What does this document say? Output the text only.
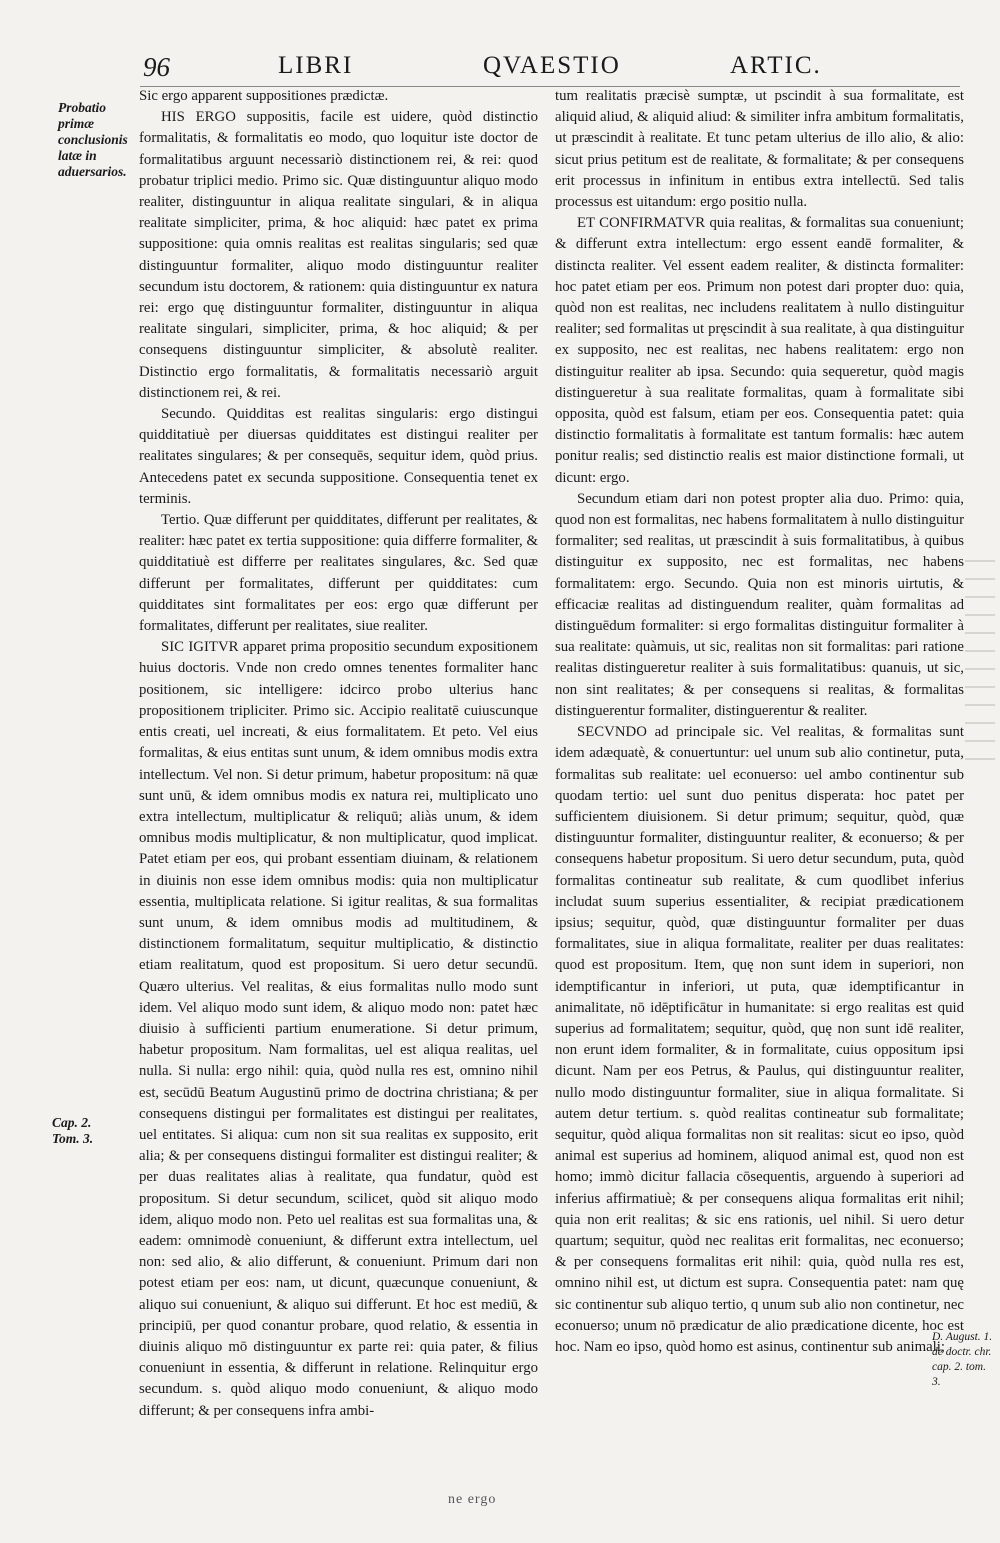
96	LIBRI	QVAESTIO	ARTIC.
Probatio primæ conclusionis latæ in aduersarios.
Cap. 2. Tom. 3.
D. August. 1. de doctr. chr. cap. 2. tom. 3.

Sic ergo apparent suppositiones prædictæ.

HIS ERGO suppositis, facile est uidere, quòd distinctio formalitatis, & formalitatis eo modo, quo loquitur iste doctor de formalitatibus arguunt necessariò distinctionem rei, & rei: quod probatur triplici medio. Primo sic. Quæ distinguuntur aliquo modo realiter, distinguuntur in aliqua realitate singulari, & in aliqua realitate simpliciter, prima, & hoc aliquid: hæc patet ex prima suppositione: quia omnis realitas est realitas singularis; sed quæ distinguuntur formaliter, aliquo modo distinguuntur realiter secundum istu doctorem, & rationem: quia distinguuntur ex natura rei: ergo quę distinguuntur formaliter, distinguuntur in aliqua realitate singulari, simpliciter, prima, & hoc aliquid; & per consequens distinguuntur simpliciter, & absolutè realiter. Distinctio ergo formalitatis, & formalitatis necessariò arguit distinctionem rei, & rei.

Secundo. Quidditas est realitas singularis: ergo distingui quidditatiuè per diuersas quidditates est distingui realiter per realitates singulares; & per consequēs, sequitur idem, quòd prius. Antecedens patet ex secunda suppositione. Consequentia tenet ex terminis.

Tertio. Quæ differunt per quidditates, differunt per realitates, & realiter: hæc patet ex tertia suppositione: quia differre formaliter, & quidditatiuè est differre per realitates singulares, &c. Sed quæ differunt per formalitates, differunt per quidditates: cum quidditates sint formalitates per eos: ergo quæ differunt per formalitates, differunt per realitates, siue realiter.

SIC IGITVR apparet prima propositio secundum expositionem huius doctoris. Vnde non credo omnes tenentes formaliter hanc positionem, sic intelligere: idcirco probo ulterius hanc propositionem tripliciter. Primo sic. Accipio realitatē cuiuscunque entis creati, uel increati, & eius formalitatem. Et peto. Vel eius formalitas, & eius entitas sunt unum, & idem omnibus modis extra intellectum. Vel non. Si detur primum, habetur propositum: nā quæ sunt unū, & idem omnibus modis ex natura rei, multiplicato uno extra intellectum, multiplicatur & reliquū; aliàs unum, & idem omnibus modis multiplicatur, & non multiplicatur, quod implicat. Patet etiam per eos, qui probant essentiam diuinam, & relationem in diuinis non esse idem omnibus modis: quia non multiplicatur essentia, multiplicata relatione. Si igitur realitas, & sua formalitas sunt unum, & idem omnibus modis ad multitudinem, & distinctionem formalitatum, sequitur multiplicatio, & distinctio etiam realitatum, quod est propositum. Si uero detur secundū. Quæro ulterius. Vel realitas, & eius formalitas nullo modo sunt idem. Vel aliquo modo sunt idem, & aliquo modo non: patet hæc diuisio à sufficienti partium enumeratione. Si detur primum, habetur propositum. Nam formalitas, uel est aliqua realitas, uel nulla. Si nulla: ergo nihil: quia, quòd nulla res est, omnino nihil est, secūdū Beatum Augustinū primo de doctrina christiana; & per consequens distingui per formalitates est distingui per realitates, uel entitates. Si aliqua: cum non sit sua realitas ex supposito, erit alia; & per consequens distingui formaliter est distingui realiter; & per duas realitates alias à realitate, qua fundatur, quòd est propositum. Si detur secundum, scilicet, quòd sit aliquo modo idem, aliquo modo non. Peto uel realitas est sua formalitas una, & eadem: omnimodè conueniunt, & differunt extra intellectum, uel non: sed alio, & alio differunt, & conueniunt. Primum dari non potest etiam per eos: nam, ut dicunt, quæcunque conueniunt, & aliquo sui conueniunt, & aliquo sui differunt. Et hoc est mediū, & principiū, per quod conantur probare, quod relatio, & essentia in diuinis aliquo mō distinguuntur ex parte rei: quia pater, & filius conueniunt in essentia, & differunt in relatione. Relinquitur ergo secundum. s. quòd aliquo modo conueniunt, & aliquo modo differunt; & per consequens infra ambi-

tum realitatis præcisè sumptæ, ut pscindit à sua formalitate, est aliquid aliud, & aliquid aliud: & similiter infra ambitum formalitatis, ut præscindit à realitate. Et tunc petam ulterius de illo alio, & alio: sicut prius petitum est de realitate, & formalitate; & per consequens erit processus in infinitum in entibus extra intellectū. Sed talis processus est uitandum: ergo positio nulla.

ET CONFIRMATVR quia realitas, & formalitas sua conueniunt; & differunt extra intellectum: ergo essent eandē formaliter, & distincta realiter. Vel essent eadem realiter, & distincta formaliter: hoc patet etiam per eos. Primum non potest dari propter duo: quia, quòd non est realitas, nec includens realitatem à nullo distinguitur realiter; sed formalitas ut pręscindit à sua realitate, à qua distinguitur ex supposito, nec est realitas, nec habens realitatem: ergo non distinguitur realiter ab ipsa. Secundo: quia sequeretur, quòd magis distingueretur à sua realitate formalitas, quam à formalitate sibi opposita, quòd est falsum, etiam per eos. Consequentia patet: quia distinctio formalitatis à formalitate est tantum formalis: hæc autem ponitur realis; sed distinctio realis est maior distinctione formali, ut dicunt: ergo.

Secundum etiam dari non potest propter alia duo. Primo: quia, quod non est formalitas, nec habens formalitatem à nullo distinguitur formaliter; sed realitas, ut præscindit à suis formalitatibus, à quibus distinguitur ex supposito, nec est formalitas, nec habens formalitatem: ergo. Secundo. Quia non est minoris uirtutis, & efficaciæ realitas ad distinguendum realiter, quàm formalitas ad distinguēdum formaliter: si ergo formalitas distinguitur formaliter à sua realitate: quàmuis, ut sic, realitas non sit formalitas: pari ratione realitas distingueretur realiter à suis formalitatibus: quanuis, ut sic, non sint realitates; & per consequens si realitas, & formalitas distinguerentur formaliter, distinguerentur & realiter.

SECVNDO ad principale sic. Vel realitas, & formalitas sunt idem adæquatè, & conuertuntur: uel unum sub alio continetur, puta, formalitas sub realitate: uel econuerso: uel ambo continentur sub quodam tertio: uel sunt duo penitus disperata: hoc patet per sufficientem diuisionem. Si detur primum; sequitur, quòd, quæ distinguuntur formaliter, distinguuntur realiter, & econuerso; & per consequens habetur propositum. Si uero detur secundum, puta, quòd formalitas contineatur sub realitate, & cum quodlibet inferius includat suum superius essentialiter, & recipiat prædicationem ipsius; sequitur, quòd, quæ distinguuntur formaliter per duas formalitates, siue in aliqua formalitate, realiter per duas realitates: quod est propositum. Item, quę non sunt idem in superiori, non idemptificantur in inferiori, ut puta, quæ idemptificantur in animalitate, nō idēptificātur in humanitate: si ergo realitas est quid superius ad formalitatem; sequitur, quòd, quę non sunt idē realiter, non erunt idem formaliter, & in formalitate, cuius oppositum ipsi dicunt. Nam per eos Petrus, & Paulus, qui distinguuntur realiter, nullo modo distinguuntur formaliter, siue in aliqua formalitate. Si autem detur tertium. s. quòd realitas contineatur sub formalitate; sequitur, quòd aliqua formalitas non sit realitas: sicut eo ipso, quòd animal est superius ad hominem, aliquod animal est, quod non est homo; immò dicitur fallacia cōsequentis, arguendo à superiori ad inferius affirmatiuè; & per consequens aliqua formalitas erit nihil; quia non erit realitas; & sic ens rationis, uel nihil. Si uero detur quartum; sequitur, quòd nec realitas erit formalitas, nec econuerso; & per consequens formalitas erit nihil: quia, quòd nulla res est, omnino nihil est, ut dictum est supra. Consequentia patet: nam quę sic continentur sub aliquo tertio, q unum sub alio non continetur, nec econuerso; unum nō prædicatur de alio prædicatione dicente, hoc est hoc. Nam eo ipso, quòd homo est asinus, continentur sub animali;

ne ergo
